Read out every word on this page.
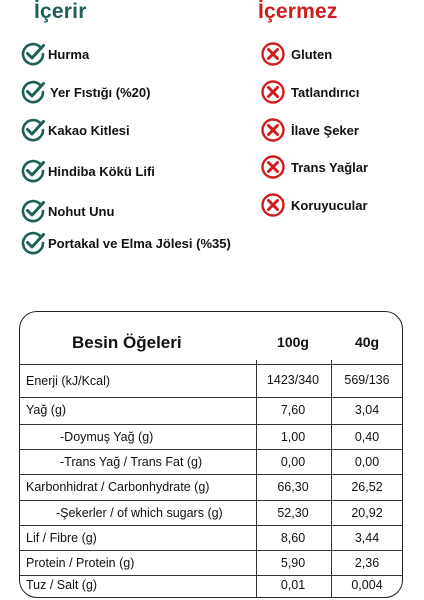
İçerir	İçermez
Hurma
Yer Fıstığı (%20)
Kakao Kitlesi
Hindiba Kökü Lifi
Nohut Unu
Portakal ve Elma Jölesi (%35)
Gluten
Tatlandırıcı
İlave Şeker
Trans Yağlar
Koruyucular
Besin Öğeleri	100g	40g
Enerji (kJ/Kcal)	1423/340	569/136
Yağ (g)	7,60	3,04
-Doymuş Yağ (g)	1,00	0,40
-Trans Yağ / Trans Fat (g)	0,00	0,00
Karbonhidrat / Carbonhydrate (g)	66,30	26,52
-Şekerler / of which sugars (g)	52,30	20,92
Lif / Fibre (g)	8,60	3,44
Protein / Protein (g)	5,90	2,36
Tuz / Salt (g)	0,01	0,004
